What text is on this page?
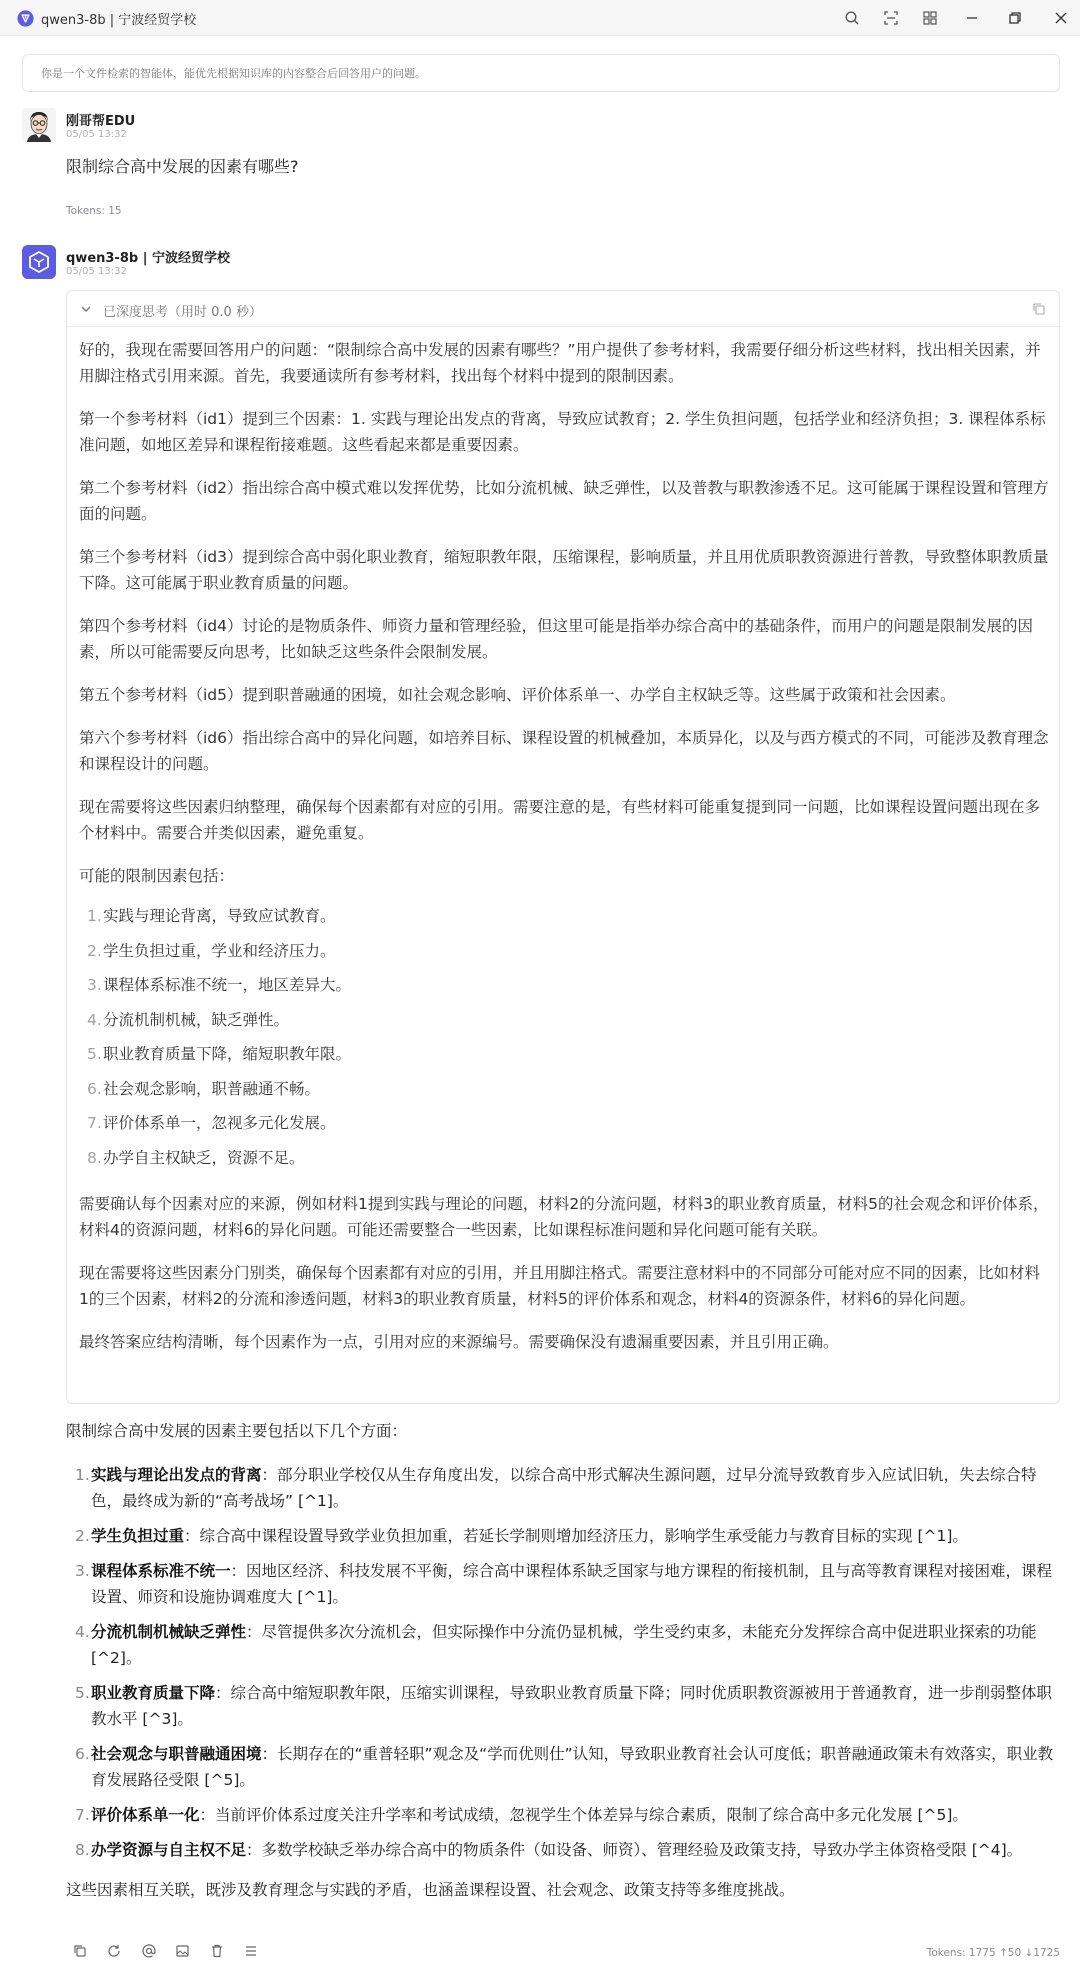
qwen3-8b | 宁波经贸学校
你是一个文件检索的智能体，能优先根据知识库的内容整合后回答用户的问题。
刚哥帮EDU
05/05 13:32
限制综合高中发展的因素有哪些?
Tokens: 15
qwen3-8b | 宁波经贸学校
05/05 13:32
已深度思考（用时 0.0 秒）

好的，我现在需要回答用户的问题：“限制综合高中发展的因素有哪些？”用户提供了参考材料，我需要仔细分析这些材料，找出相关因素，并用脚注格式引用来源。首先，我要通读所有参考材料，找出每个材料中提到的限制因素。

第一个参考材料（id1）提到三个因素：1. 实践与理论出发点的背离，导致应试教育；2. 学生负担问题，包括学业和经济负担；3. 课程体系标准问题，如地区差异和课程衔接难题。这些看起来都是重要因素。

第二个参考材料（id2）指出综合高中模式难以发挥优势，比如分流机械、缺乏弹性，以及普教与职教渗透不足。这可能属于课程设置和管理方面的问题。

第三个参考材料（id3）提到综合高中弱化职业教育，缩短职教年限，压缩课程，影响质量，并且用优质职教资源进行普教，导致整体职教质量下降。这可能属于职业教育质量的问题。

第四个参考材料（id4）讨论的是物质条件、师资力量和管理经验，但这里可能是指举办综合高中的基础条件，而用户的问题是限制发展的因素，所以可能需要反向思考，比如缺乏这些条件会限制发展。

第五个参考材料（id5）提到职普融通的困境，如社会观念影响、评价体系单一、办学自主权缺乏等。这些属于政策和社会因素。

第六个参考材料（id6）指出综合高中的异化问题，如培养目标、课程设置的机械叠加，本质异化，以及与西方模式的不同，可能涉及教育理念和课程设计的问题。

现在需要将这些因素归纳整理，确保每个因素都有对应的引用。需要注意的是，有些材料可能重复提到同一问题，比如课程设置问题出现在多个材料中。需要合并类似因素，避免重复。

可能的限制因素包括：

1.实践与理论背离，导致应试教育。
2.学生负担过重，学业和经济压力。
3.课程体系标准不统一，地区差异大。
4.分流机制机械，缺乏弹性。
5.职业教育质量下降，缩短职教年限。
6.社会观念影响，职普融通不畅。
7.评价体系单一，忽视多元化发展。
8.办学自主权缺乏，资源不足。

需要确认每个因素对应的来源，例如材料1提到实践与理论的问题，材料2的分流问题，材料3的职业教育质量，材料5的社会观念和评价体系，材料4的资源问题，材料6的异化问题。可能还需要整合一些因素，比如课程标准问题和异化问题可能有关联。

现在需要将这些因素分门别类，确保每个因素都有对应的引用，并且用脚注格式。需要注意材料中的不同部分可能对应不同的因素，比如材料1的三个因素，材料2的分流和渗透问题，材料3的职业教育质量，材料5的评价体系和观念，材料4的资源条件，材料6的异化问题。

最终答案应结构清晰，每个因素作为一点，引用对应的来源编号。需要确保没有遗漏重要因素，并且引用正确。

限制综合高中发展的因素主要包括以下几个方面：
1. 实践与理论出发点的背离：部分职业学校仅从生存角度出发，以综合高中形式解决生源问题，过早分流导致教育步入应试旧轨，失去综合特色，最终成为新的“高考战场” [^1]。
2. 学生负担过重：综合高中课程设置导致学业负担加重，若延长学制则增加经济压力，影响学生承受能力与教育目标的实现 [^1]。
3. 课程体系标准不统一：因地区经济、科技发展不平衡，综合高中课程体系缺乏国家与地方课程的衔接机制，且与高等教育课程对接困难，课程设置、师资和设施协调难度大 [^1]。
4. 分流机制机械缺乏弹性：尽管提供多次分流机会，但实际操作中分流仍显机械，学生受约束多，未能充分发挥综合高中促进职业探索的功能 [^2]。
5. 职业教育质量下降：综合高中缩短职教年限，压缩实训课程，导致职业教育质量下降；同时优质职教资源被用于普通教育，进一步削弱整体职教水平 [^3]。
6. 社会观念与职普融通困境：长期存在的“重普轻职”观念及“学而优则仕”认知，导致职业教育社会认可度低；职普融通政策未有效落实，职业教育发展路径受限 [^5]。
7. 评价体系单一化：当前评价体系过度关注升学率和考试成绩，忽视学生个体差异与综合素质，限制了综合高中多元化发展 [^5]。
8. 办学资源与自主权不足：多数学校缺乏举办综合高中的物质条件（如设备、师资）、管理经验及政策支持，导致办学主体资格受限 [^4]。
这些因素相互关联，既涉及教育理念与实践的矛盾，也涵盖课程设置、社会观念、政策支持等多维度挑战。
Tokens: 1775 ↑50 ↓1725
